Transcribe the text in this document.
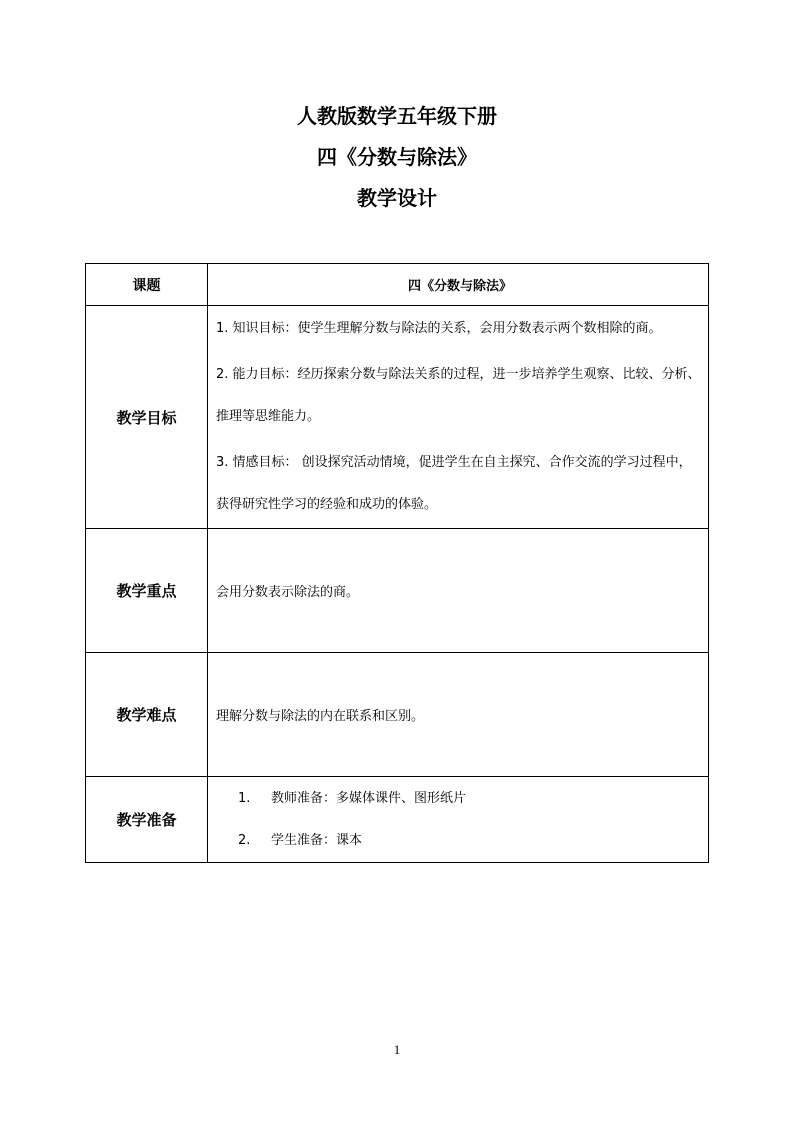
人教版数学五年级下册
四《分数与除法》
教学设计
课题	四《分数与除法》
教学目标	1. 知识目标：使学生理解分数与除法的关系，会用分数表示两个数相除的商。
2. 能力目标：经历探索分数与除法关系的过程，进一步培养学生观察、比较、分析、推理等思维能力。
3. 情感目标： 创设探究活动情境，促进学生在自主探究、合作交流的学习过程中，获得研究性学习的经验和成功的体验。

教学重点	会用分数表示除法的商。
教学难点	理解分数与除法的内在联系和区别。
教学准备	1. 教师准备：多媒体课件、图形纸片
2. 学生准备：课本
1
